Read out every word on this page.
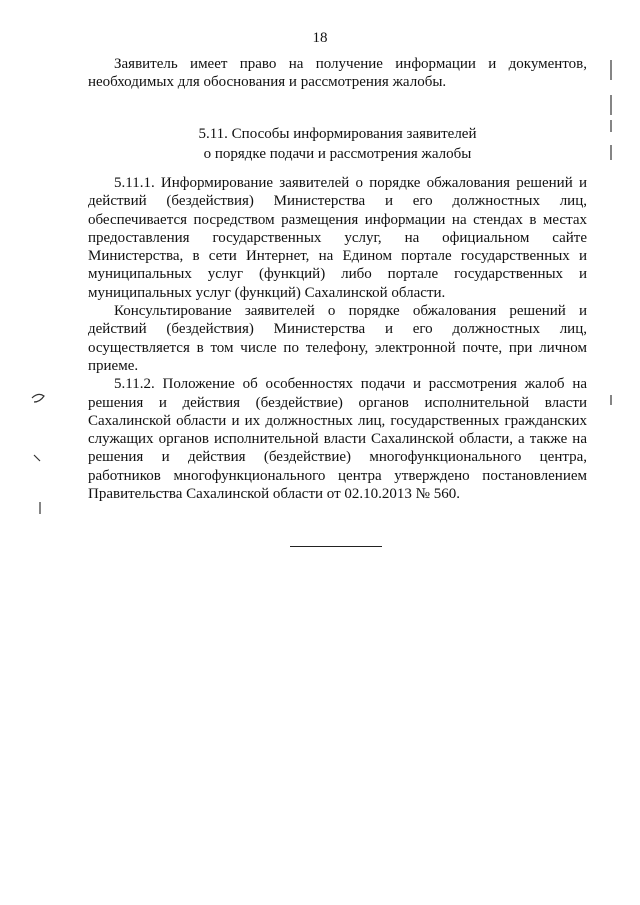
18

Заявитель имеет право на получение информации и документов, необходимых для обоснования и рассмотрения жалобы.

5.11. Способы информирования заявителей
о порядке подачи и рассмотрения жалобы

5.11.1. Информирование заявителей о порядке обжалования решений и действий (бездействия) Министерства и его должностных лиц, обеспечивается посредством размещения информации на стендах в местах предоставления государственных услуг, на официальном сайте Министерства, в сети Интернет, на Едином портале государственных и муниципальных услуг (функций) либо портале государственных и муниципальных услуг (функций) Сахалинской области.

Консультирование заявителей о порядке обжалования решений и действий (бездействия) Министерства и его должностных лиц, осуществляется в том числе по телефону, электронной почте, при личном приеме.

5.11.2. Положение об особенностях подачи и рассмотрения жалоб на решения и действия (бездействие) органов исполнительной власти Сахалинской области и их должностных лиц, государственных гражданских служащих органов исполнительной власти Сахалинской области, а также на решения и действия (бездействие) многофункционального центра, работников многофункционального центра утверждено постановлением Правительства Сахалинской области от 02.10.2013 № 560.
